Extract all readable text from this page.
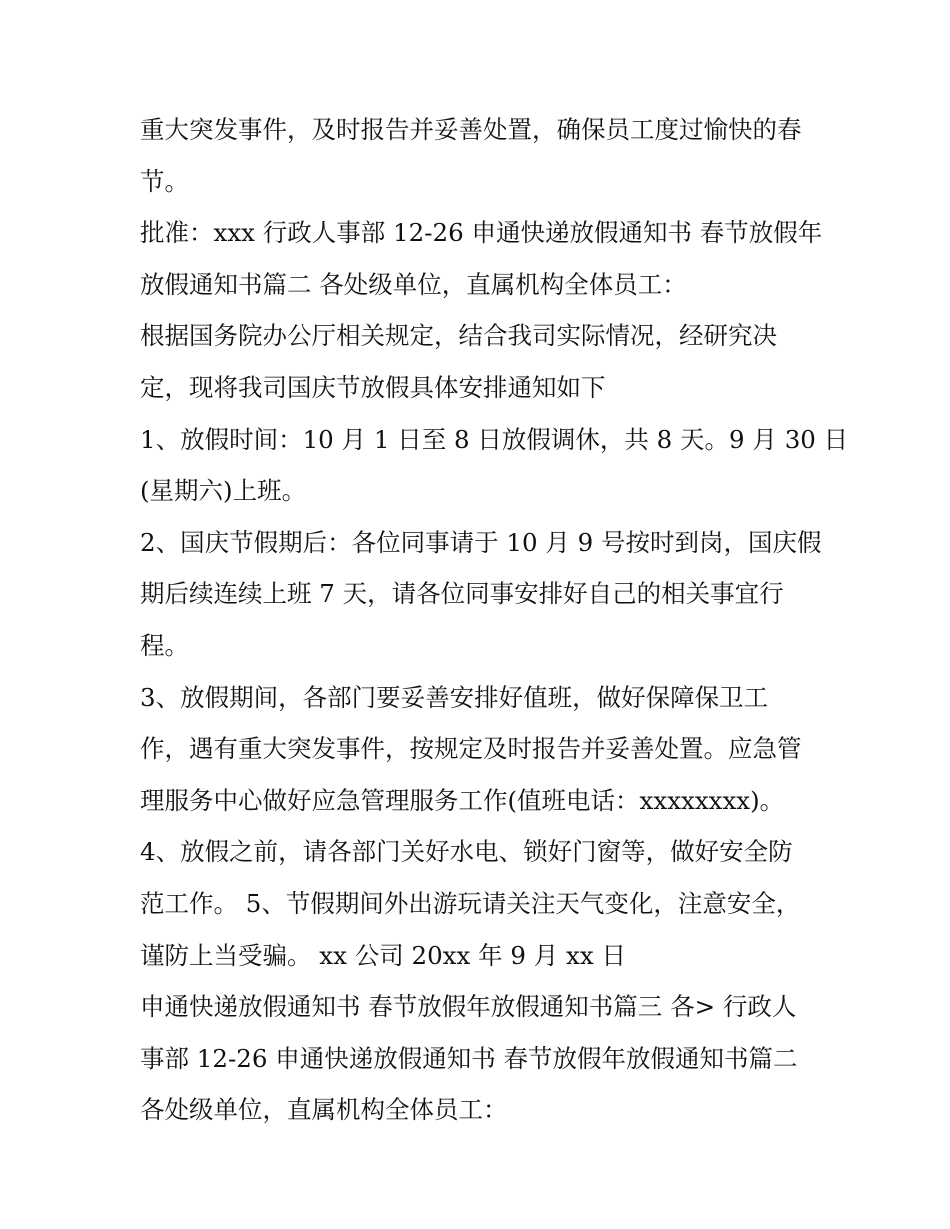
重大突发事件，及时报告并妥善处置，确保员工度过愉快的春
节。
批准：xxx 行政人事部 12-26 申通快递放假通知书 春节放假年
放假通知书篇二 各处级单位，直属机构全体员工：
根据国务院办公厅相关规定，结合我司实际情况，经研究决
定，现将我司国庆节放假具体安排通知如下
1、放假时间：10 月 1 日至 8 日放假调休，共 8 天。9 月 30 日
(星期六)上班。
2、国庆节假期后：各位同事请于 10 月 9 号按时到岗，国庆假
期后续连续上班 7 天，请各位同事安排好自己的相关事宜行
程。
3、放假期间，各部门要妥善安排好值班，做好保障保卫工
作，遇有重大突发事件，按规定及时报告并妥善处置。应急管
理服务中心做好应急管理服务工作(值班电话：xxxxxxxx)。
4、放假之前，请各部门关好水电、锁好门窗等，做好安全防
范工作。 5、节假期间外出游玩请关注天气变化，注意安全，
谨防上当受骗。 xx 公司 20xx 年 9 月 xx 日
申通快递放假通知书 春节放假年放假通知书篇三 各> 行政人
事部 12-26 申通快递放假通知书 春节放假年放假通知书篇二
各处级单位，直属机构全体员工：
